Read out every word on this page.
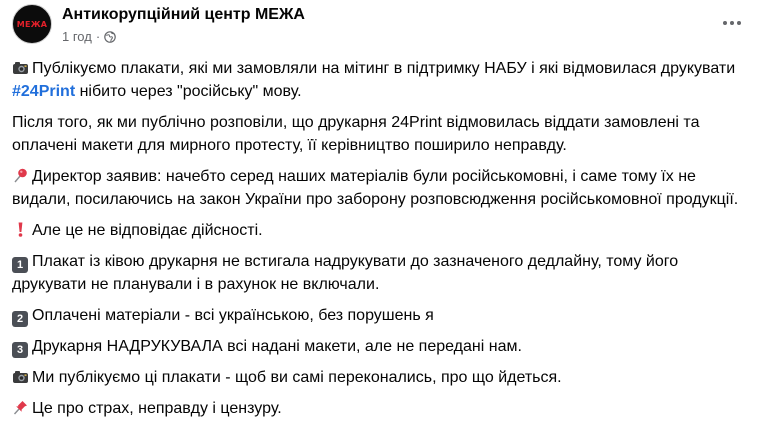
МЕЖА
Антикорупційний центр МЕЖА
1 год ·
Публікуємо плакати, які ми замовляли на мітинг в підтримку НАБУ і які відмовилася друкувати #24Print нібито через "російську" мову.
Після того, як ми публічно розповіли, що друкарня 24Print відмовилась віддати замовлені та оплачені макети для мирного протесту, її керівництво поширило неправду.
Директор заявив: начебто серед наших матеріалів були російськомовні, і саме тому їх не видали, посилаючись на закон України про заборону розповсюдження російськомовної продукції.
Але це не відповідає дійсності.
1 Плакат із ківою друкарня не встигала надрукувати до зазначеного дедлайну, тому його друкувати не планували і в рахунок не включали.
2 Оплачені матеріали - всі українською, без порушень я
3 Друкарня НАДРУКУВАЛА всі надані макети, але не передані нам.
Ми публікуємо ці плакати - щоб ви самі переконались, про що йдеться.
Це про страх, неправду і цензуру.
